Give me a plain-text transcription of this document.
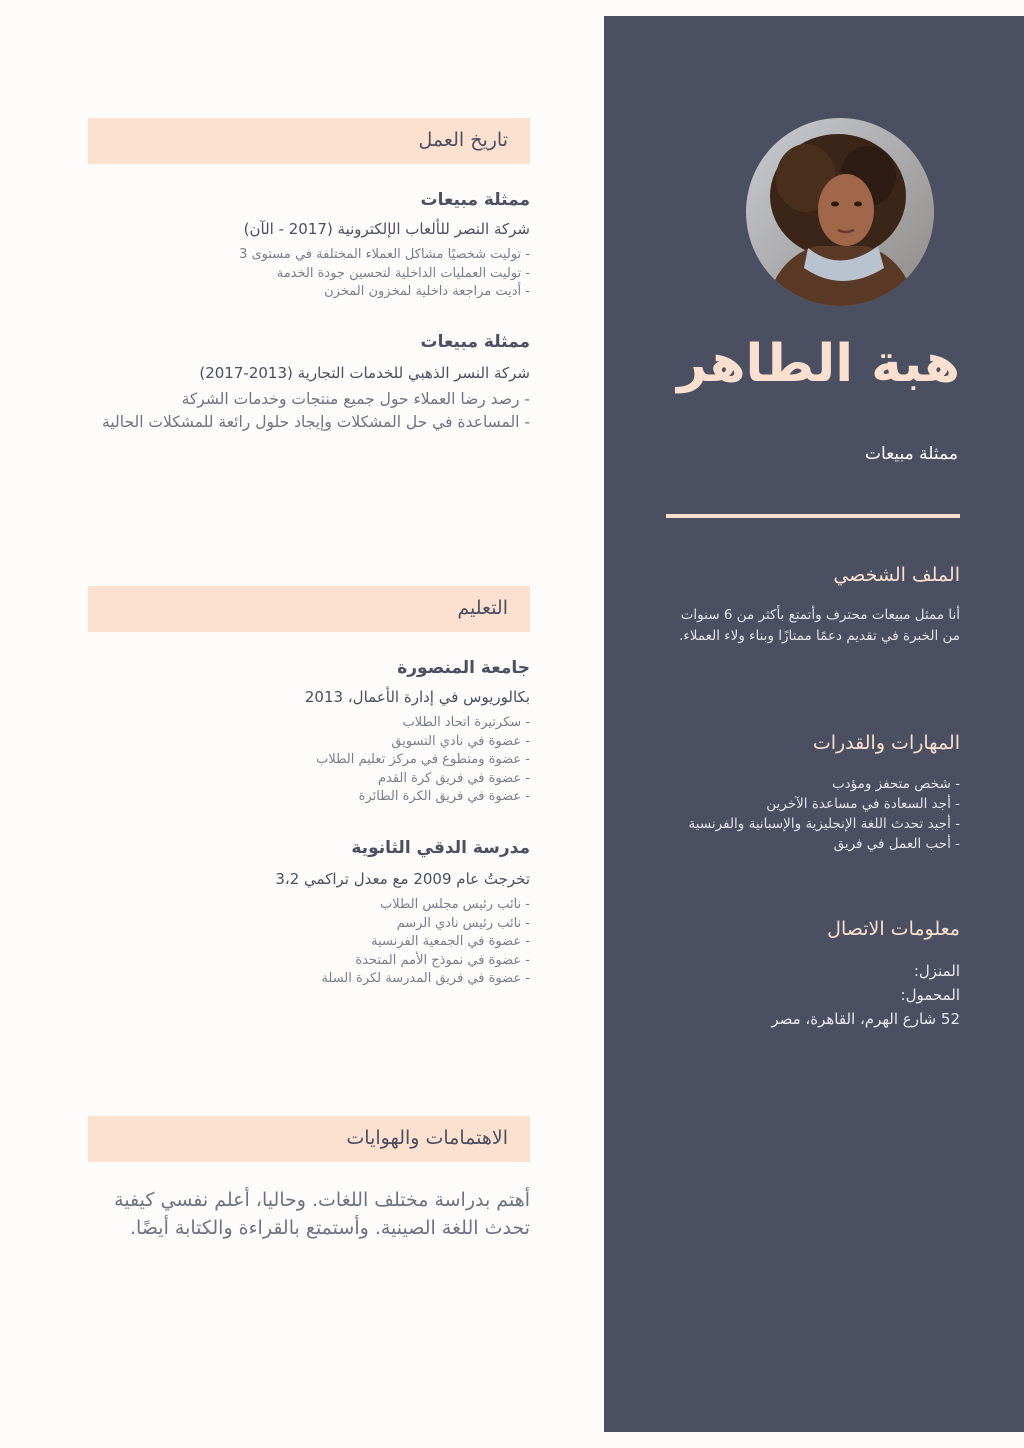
هبة الطاهر
ممثلة مبيعات
الملف الشخصي
أنا ممثل مبيعات محترف وأتمتع بأكثر من 6 سنوات من الخبرة في تقديم دعمًا ممتازًا وبناء ولاء العملاء.
المهارات والقدرات
- شخص متحفز ومؤدب
- أجد السعادة في مساعدة الآخرين
- أجيد تحدث اللغة الإنجليزية والإسبانية والفرنسية
- أحب العمل في فريق
معلومات الاتصال
المنزل:
المحمول:
52 شارع الهرم، القاهرة، مصر
تاريخ العمل
ممثلة مبيعات
شركة النصر للألعاب الإلكترونية (2017 - الآن)
- توليت شخصيًا مشاكل العملاء المختلفة في مستوى 3
- توليت العمليات الداخلية لتحسين جودة الخدمة
- أديت مراجعة داخلية لمخزون المخزن
ممثلة مبيعات
شركة النسر الذهبي للخدمات التجارية (2013-2017)
- رصد رضا العملاء حول جميع منتجات وخدمات الشركة
- المساعدة في حل المشكلات وإيجاد حلول رائعة للمشكلات الحالية
التعليم
جامعة المنصورة
بكالوريوس في إدارة الأعمال، 2013
- سكرتيرة اتحاد الطلاب
- عضوة في نادي التسويق
- عضوة ومتطوع في مركز تعليم الطلاب
- عضوة في فريق كرة القدم
- عضوة في فريق الكرة الطائرة
مدرسة الدقي الثانوية
تخرجتُ عام 2009 مع معدل تراكمي 3،2
- نائب رئيس مجلس الطلاب
- نائب رئيس نادي الرسم
- عضوة في الجمعية الفرنسية
- عضوة في نموذج الأمم المتحدة
- عضوة في فريق المدرسة لكرة السلة
الاهتمامات والهوايات
أهتم بدراسة مختلف اللغات. وحاليا، أعلم نفسي كيفية تحدث اللغة الصينية. وأستمتع بالقراءة والكتابة أيضًا.
